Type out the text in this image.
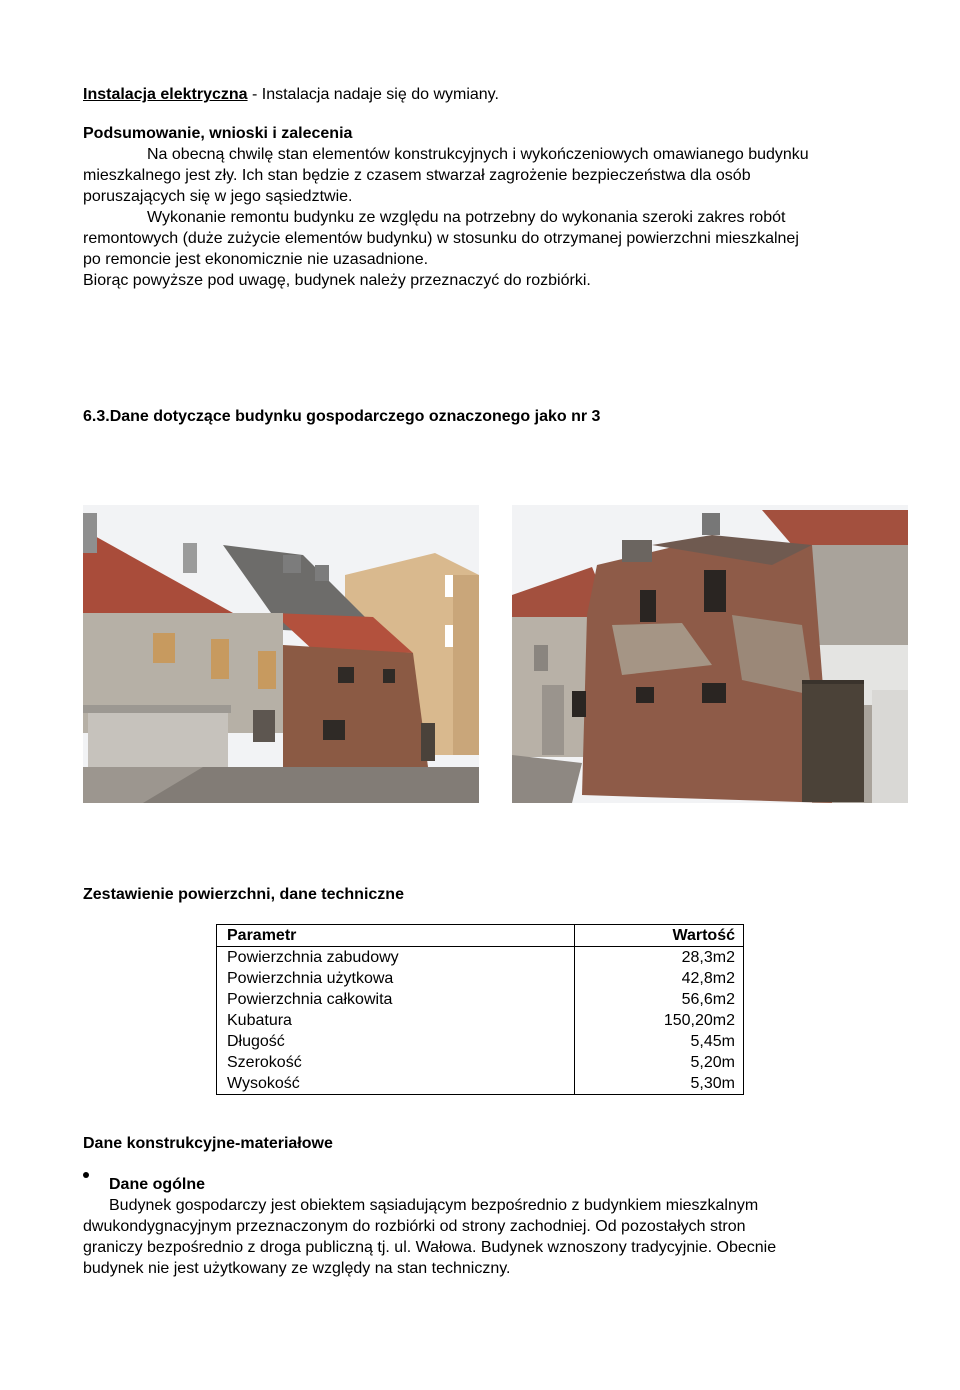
Instalacja elektryczna - Instalacja nadaje się do wymiany.
Podsumowanie, wnioski i zalecenia
Na obecną chwilę stan elementów konstrukcyjnych i wykończeniowych omawianego budynku
mieszkalnego jest zły. Ich stan będzie z czasem stwarzał zagrożenie bezpieczeństwa dla osób
poruszających się w jego sąsiedztwie.
Wykonanie remontu budynku ze względu na potrzebny do wykonania szeroki zakres robót
remontowych (duże zużycie elementów budynku) w stosunku do otrzymanej powierzchni mieszkalnej
po remoncie jest ekonomicznie nie uzasadnione.
Biorąc powyższe pod uwagę, budynek należy przeznaczyć do rozbiórki.
6.3.Dane dotyczące budynku gospodarczego oznaczonego jako nr 3
Zestawienie powierzchni, dane techniczne
Parametr	Wartość
Powierzchnia zabudowy	28,3m2
Powierzchnia użytkowa	42,8m2
Powierzchnia całkowita	56,6m2
Kubatura	150,20m2
Długość	5,45m
Szerokość	5,20m
Wysokość	5,30m
Dane konstrukcyjne-materiałowe
Dane ogólne
Budynek gospodarczy jest obiektem sąsiadującym bezpośrednio z budynkiem mieszkalnym
dwukondygnacyjnym przeznaczonym do rozbiórki od strony zachodniej. Od pozostałych stron
graniczy bezpośrednio z droga publiczną tj. ul. Wałowa. Budynek wznoszony tradycyjnie. Obecnie
budynek nie jest użytkowany ze względy na stan techniczny.
